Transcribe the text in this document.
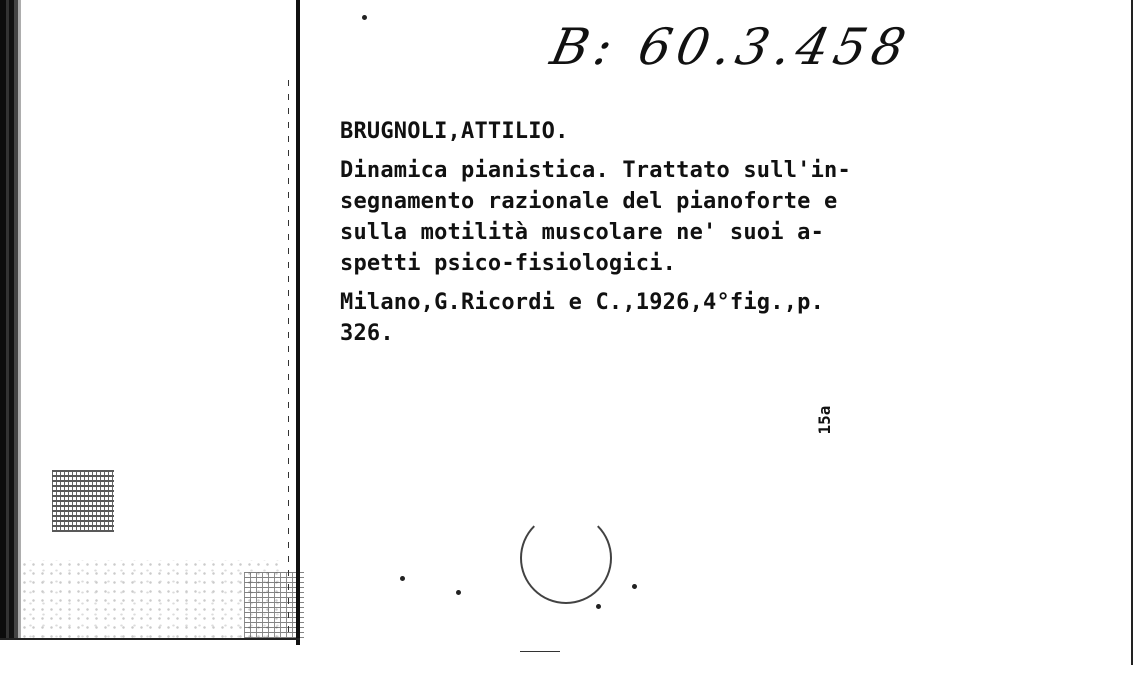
B: 60.3.458
BRUGNOLI,ATTILIO.
Dinamica pianistica. Trattato sull'in-
segnamento razionale del pianoforte e
sulla motilità muscolare ne' suoi a-
spetti psico-fisiologici.
Milano,G.Ricordi e C.,1926,4°fig.,p.
326.
15a
